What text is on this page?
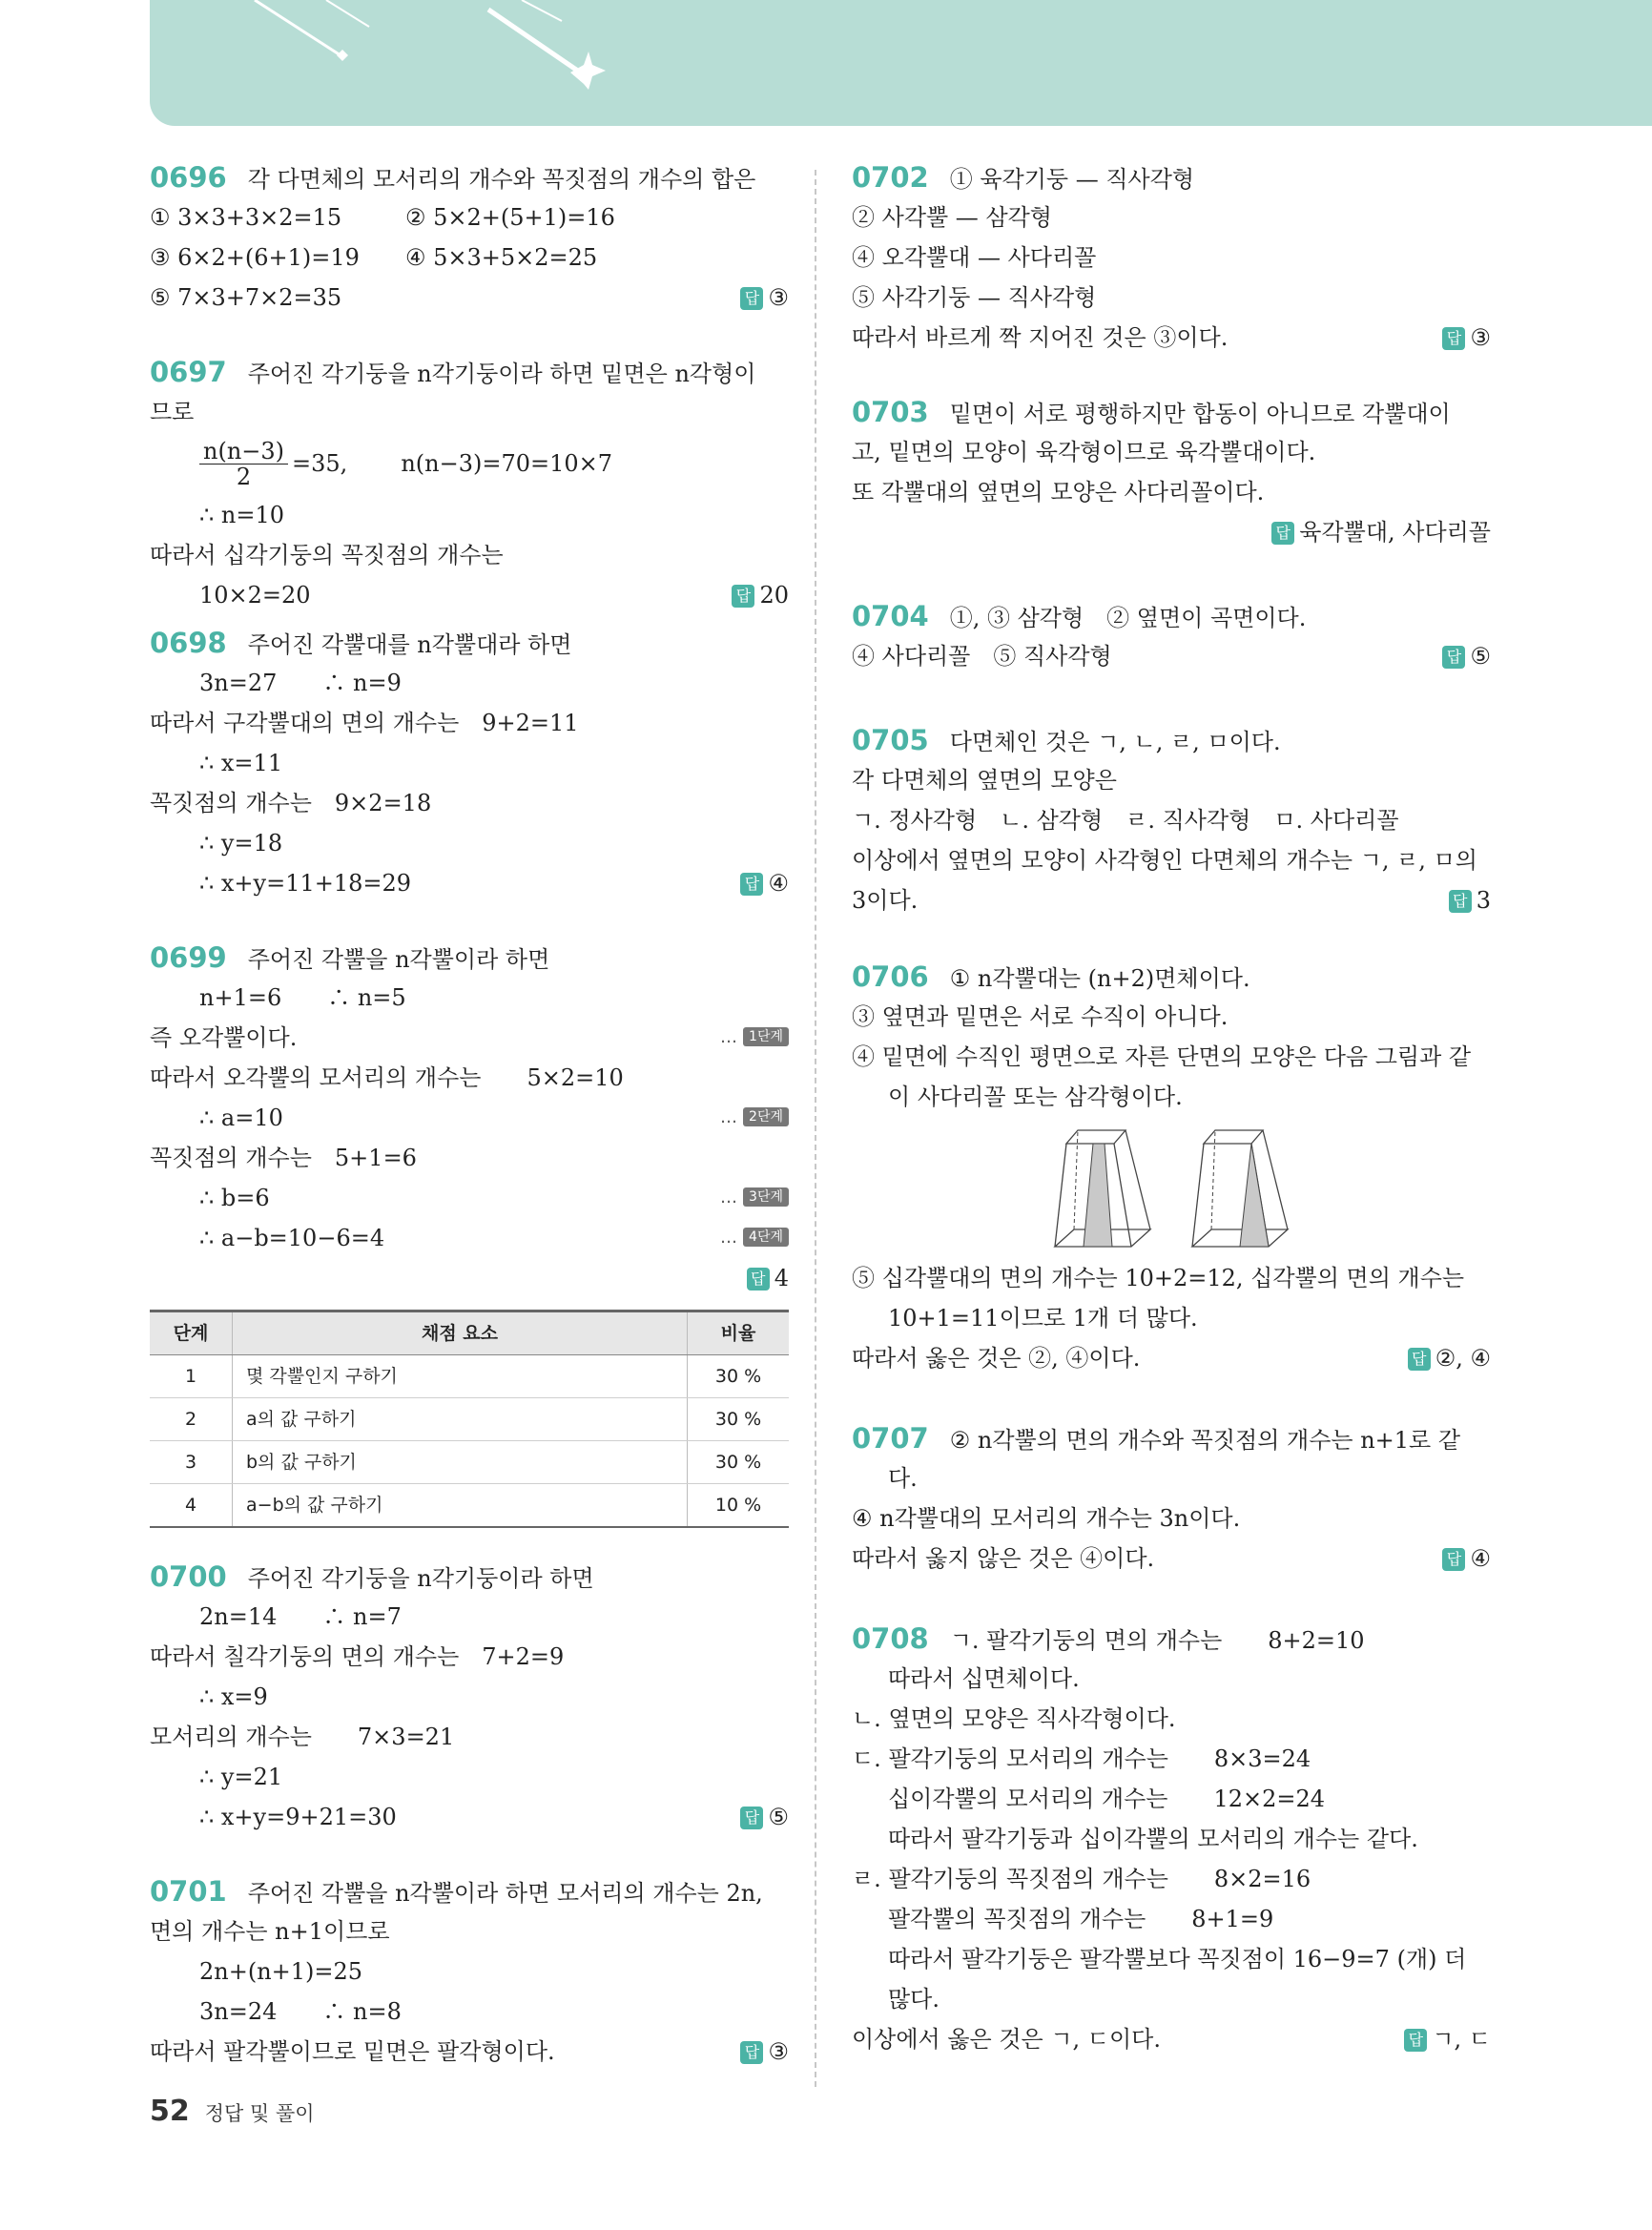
0696 각 다면체의 모서리의 개수와 꼭짓점의 개수의 합은
① 3×3+3×2=15	② 5×2+(5+1)=16
③ 6×2+(6+1)=19 ④ 5×3+5×2=25
⑤ 7×3+7×2=35	답 ③
0697 주어진 각기둥을 n각기둥이라 하면 밑면은 n각형이
므로
$\frac{n(n-3)}{2} =35$, n(n−3)=70=10×7
∴ n=10
따라서 십각기둥의 꼭짓점의 개수는
10×2=20	답 20
0698 주어진 각뿔대를 n각뿔대라 하면
3n=27　　∴ n=9
따라서 구각뿔대의 면의 개수는　9+2=11
∴ x=11
꼭짓점의 개수는　9×2=18
∴ y=18
∴ x+y=11+18=29	답 ④
0699 주어진 각뿔을 n각뿔이라 하면
n+1=6　　∴ n=5
즉 오각뿔이다.	… 1단계
따라서 오각뿔의 모서리의 개수는　　5×2=10
∴ a=10	… 2단계
꼭짓점의 개수는　5+1=6
∴ b=6	… 3단계
∴ a−b=10−6=4	… 4단계
답 4
단계	채점 요소	비율
1	몇 각뿔인지 구하기	30 %
2	a의 값 구하기	30 %
3	b의 값 구하기	30 %
4	a−b의 값 구하기	10 %
0700 주어진 각기둥을 n각기둥이라 하면
2n=14　　∴ n=7
따라서 칠각기둥의 면의 개수는　7+2=9
∴ x=9
모서리의 개수는　　7×3=21
∴ y=21
∴ x+y=9+21=30	답 ⑤
0701 주어진 각뿔을 n각뿔이라 하면 모서리의 개수는 2n,
면의 개수는 n+1이므로
2n+(n+1)=25
3n=24　　∴ n=8
따라서 팔각뿔이므로 밑면은 팔각형이다.	답 ③
0702 ① 육각기둥 — 직사각형
② 사각뿔 — 삼각형
④ 오각뿔대 — 사다리꼴
⑤ 사각기둥 — 직사각형
따라서 바르게 짝 지어진 것은 ③이다.	답 ③
0703 밑면이 서로 평행하지만 합동이 아니므로 각뿔대이
고, 밑면의 모양이 육각형이므로 육각뿔대이다.
또 각뿔대의 옆면의 모양은 사다리꼴이다.
답 육각뿔대, 사다리꼴
0704 ①, ③ 삼각형　② 옆면이 곡면이다.
④ 사다리꼴　⑤ 직사각형	답 ⑤
0705 다면체인 것은 ㄱ, ㄴ, ㄹ, ㅁ이다.
각 다면체의 옆면의 모양은
ㄱ. 정사각형　ㄴ. 삼각형　ㄹ. 직사각형　ㅁ. 사다리꼴
이상에서 옆면의 모양이 사각형인 다면체의 개수는 ㄱ, ㄹ, ㅁ의
3이다.	답 3
0706 ① n각뿔대는 (n+2)면체이다.
③ 옆면과 밑면은 서로 수직이 아니다.
④ 밑면에 수직인 평면으로 자른 단면의 모양은 다음 그림과 같
이 사다리꼴 또는 삼각형이다.
⑤ 십각뿔대의 면의 개수는 10+2=12, 십각뿔의 면의 개수는
10+1=11이므로 1개 더 많다.
따라서 옳은 것은 ②, ④이다.	답 ②, ④
0707 ② n각뿔의 면의 개수와 꼭짓점의 개수는 n+1로 같
다.
④ n각뿔대의 모서리의 개수는 3n이다.
따라서 옳지 않은 것은 ④이다.	답 ④
0708 ㄱ. 팔각기둥의 면의 개수는　　8+2=10
따라서 십면체이다.
ㄴ. 옆면의 모양은 직사각형이다.
ㄷ. 팔각기둥의 모서리의 개수는　　8×3=24
십이각뿔의 모서리의 개수는　　12×2=24
따라서 팔각기둥과 십이각뿔의 모서리의 개수는 같다.
ㄹ. 팔각기둥의 꼭짓점의 개수는　　8×2=16
팔각뿔의 꼭짓점의 개수는　　8+1=9
따라서 팔각기둥은 팔각뿔보다 꼭짓점이 16−9=7 (개) 더
많다.
이상에서 옳은 것은 ㄱ, ㄷ이다.	답 ㄱ, ㄷ
52 정답 및 풀이
